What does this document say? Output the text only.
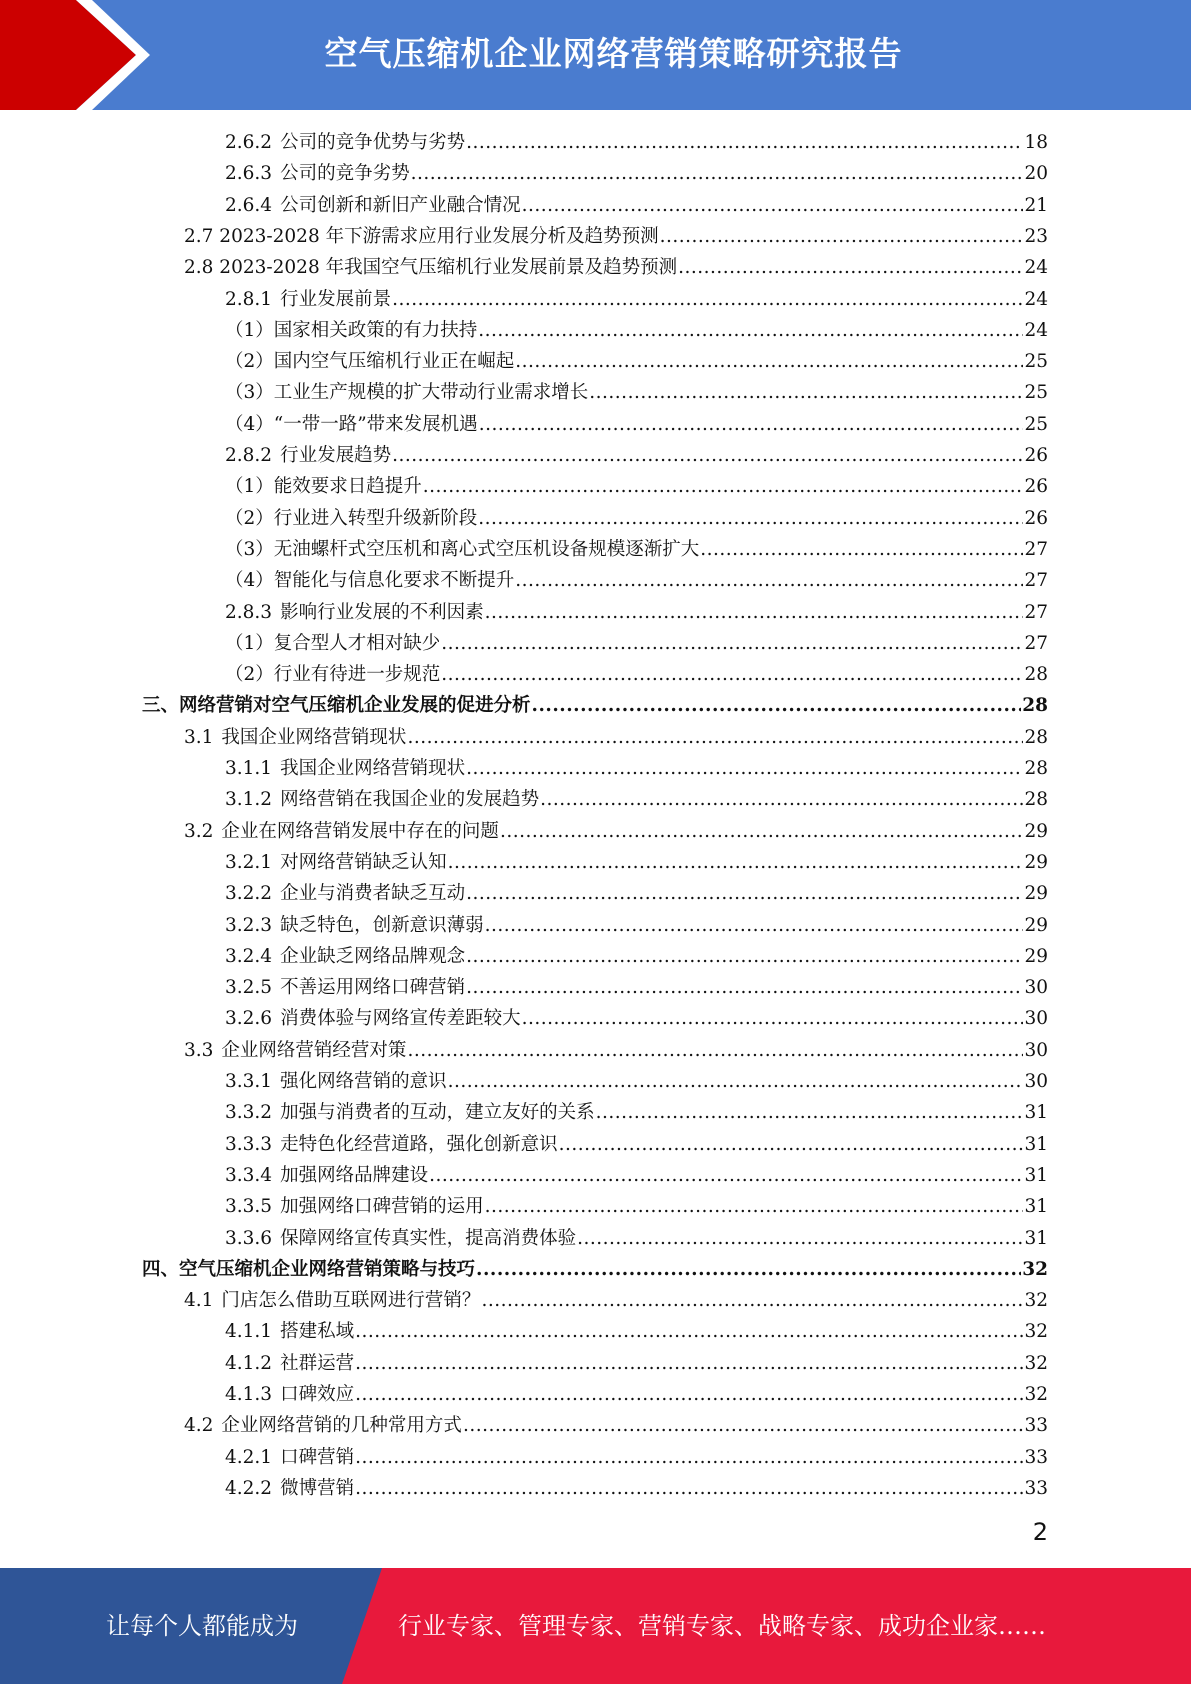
空气压缩机企业网络营销策略研究报告
2.6.2 公司的竞争优势与劣势 .....	18
2.6.3 公司的竞争劣势 .....	20
2.6.4 公司创新和新旧产业融合情况 .....	21
2.7 2023-2028 年下游需求应用行业发展分析及趋势预测 .....	23
2.8 2023-2028 年我国空气压缩机行业发展前景及趋势预测 .....	24
2.8.1 行业发展前景 .....	24
（1）国家相关政策的有力扶持 .....	24
（2）国内空气压缩机行业正在崛起 .....	25
（3）工业生产规模的扩大带动行业需求增长 .....	25
（4）“一带一路”带来发展机遇 .....	25
2.8.2 行业发展趋势 .....	26
（1）能效要求日趋提升 .....	26
（2）行业进入转型升级新阶段 .....	26
（3）无油螺杆式空压机和离心式空压机设备规模逐渐扩大 .....	27
（4）智能化与信息化要求不断提升 .....	27
2.8.3 影响行业发展的不利因素 .....	27
（1）复合型人才相对缺少 .....	27
（2）行业有待进一步规范 .....	28
三、网络营销对空气压缩机企业发展的促进分析 .....	28
3.1 我国企业网络营销现状 .....	28
3.1.1 我国企业网络营销现状 .....	28
3.1.2 网络营销在我国企业的发展趋势 .....	28
3.2 企业在网络营销发展中存在的问题 .....	29
3.2.1 对网络营销缺乏认知 .....	29
3.2.2 企业与消费者缺乏互动 .....	29
3.2.3 缺乏特色，创新意识薄弱 .....	29
3.2.4 企业缺乏网络品牌观念 .....	29
3.2.5 不善运用网络口碑营销 .....	30
3.2.6 消费体验与网络宣传差距较大 .....	30
3.3 企业网络营销经营对策 .....	30
3.3.1 强化网络营销的意识 .....	30
3.3.2 加强与消费者的互动，建立友好的关系 .....	31
3.3.3 走特色化经营道路，强化创新意识 .....	31
3.3.4 加强网络品牌建设 .....	31
3.3.5 加强网络口碑营销的运用 .....	31
3.3.6 保障网络宣传真实性，提高消费体验 .....	31
四、空气压缩机企业网络营销策略与技巧 .....	32
4.1 门店怎么借助互联网进行营销？ .....	32
4.1.1 搭建私域 .....	32
4.1.2 社群运营 .....	32
4.1.3 口碑效应 .....	32
4.2 企业网络营销的几种常用方式 .....	33
4.2.1 口碑营销 .....	33
4.2.2 微博营销 .....	33
2
让每个人都能成为	行业专家、管理专家、营销专家、战略专家、成功企业家……
